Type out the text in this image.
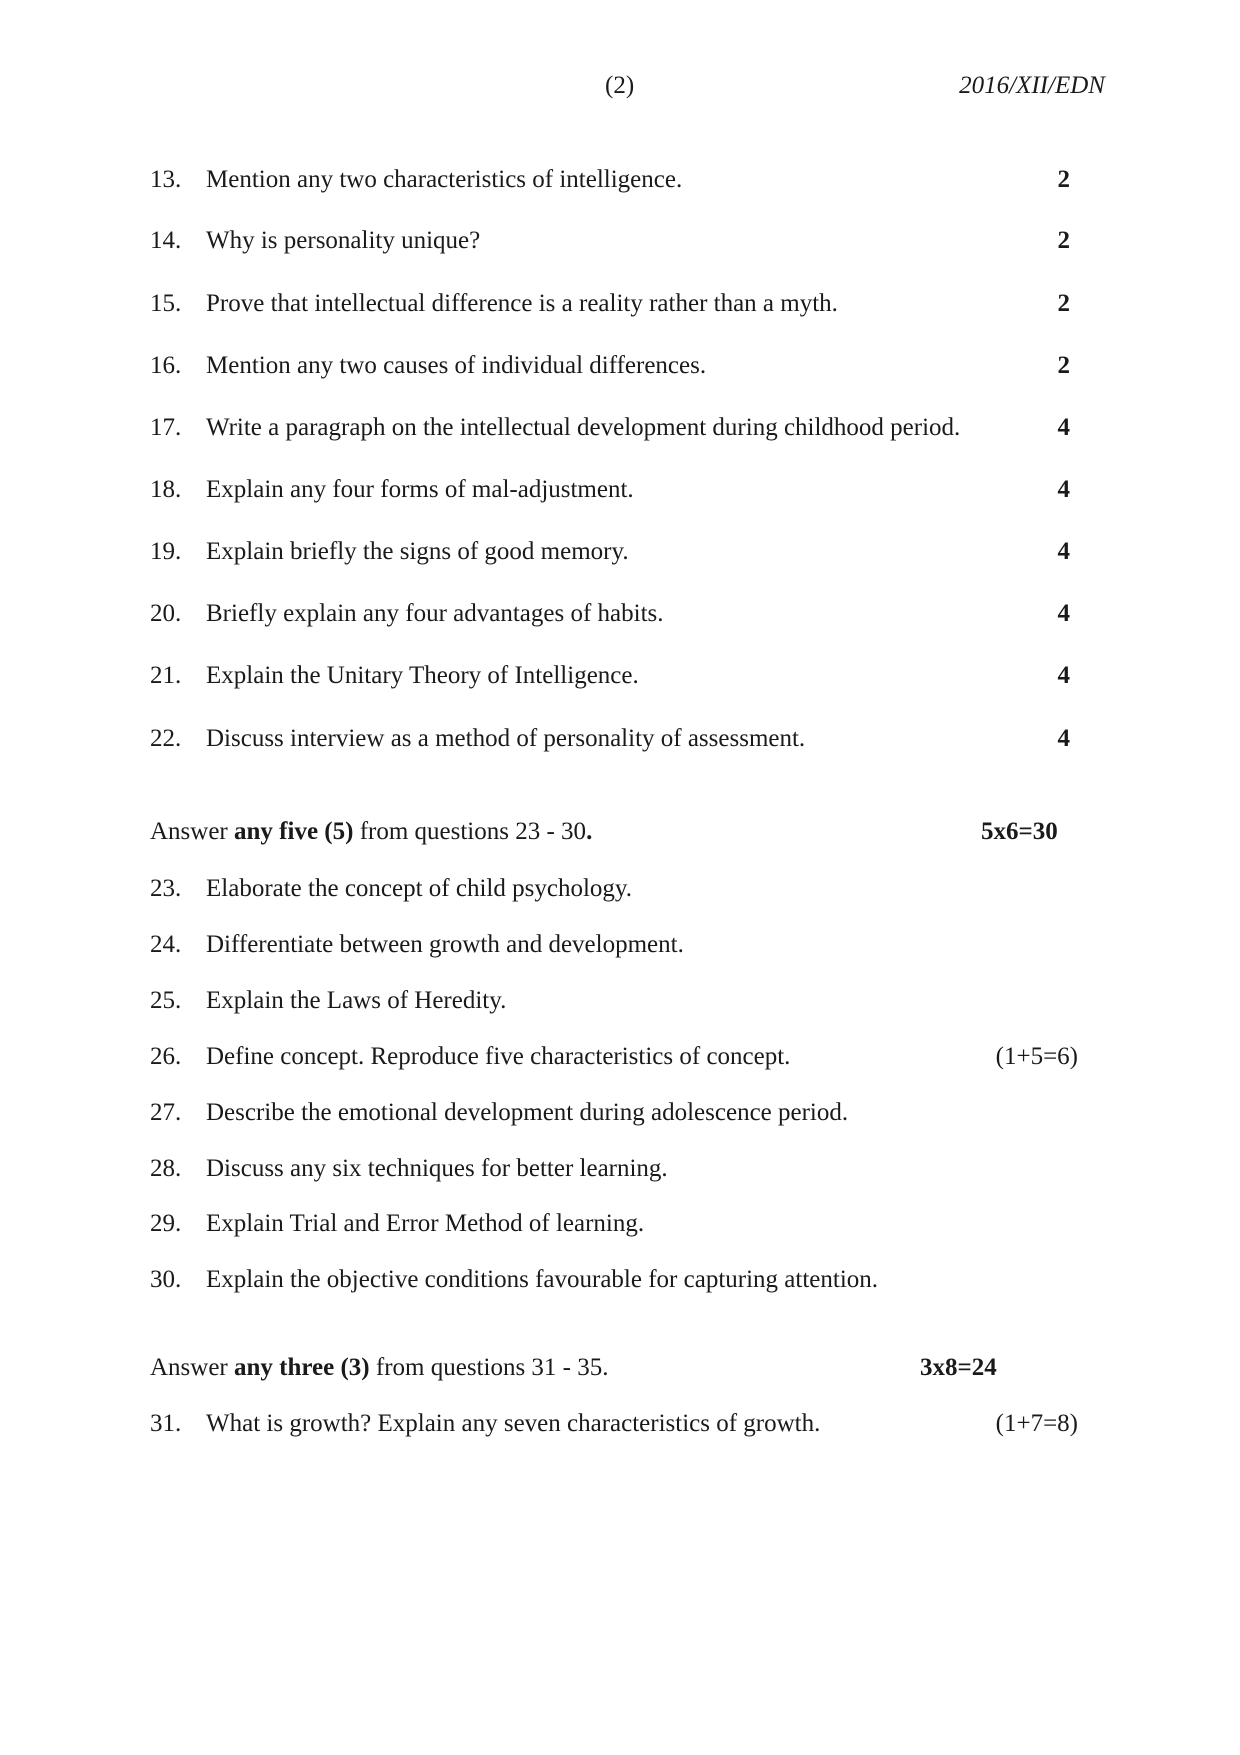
(2)	2016/XII/EDN
13. Mention any two characteristics of intelligence.	2
14. Why is personality unique?	2
15. Prove that intellectual difference is a reality rather than a myth.	2
16. Mention any two causes of individual differences.	2
17. Write a paragraph on the intellectual development during childhood period.	4
18. Explain any four forms of mal-adjustment.	4
19. Explain briefly the signs of good memory.	4
20. Briefly explain any four advantages of habits.	4
21. Explain the Unitary Theory of Intelligence.	4
22. Discuss interview as a method of personality of assessment.	4
Answer any five (5) from questions 23 - 30.	5x6=30
23. Elaborate the concept of child psychology.
24. Differentiate between growth and development.
25. Explain the Laws of Heredity.
26. Define concept. Reproduce five characteristics of concept.	(1+5=6)
27. Describe the emotional development during adolescence period.
28. Discuss any six techniques for better learning.
29. Explain Trial and Error Method of learning.
30. Explain the objective conditions favourable for capturing attention.
Answer any three (3) from questions 31 - 35.	3x8=24
31. What is growth? Explain any seven characteristics of growth.	(1+7=8)
